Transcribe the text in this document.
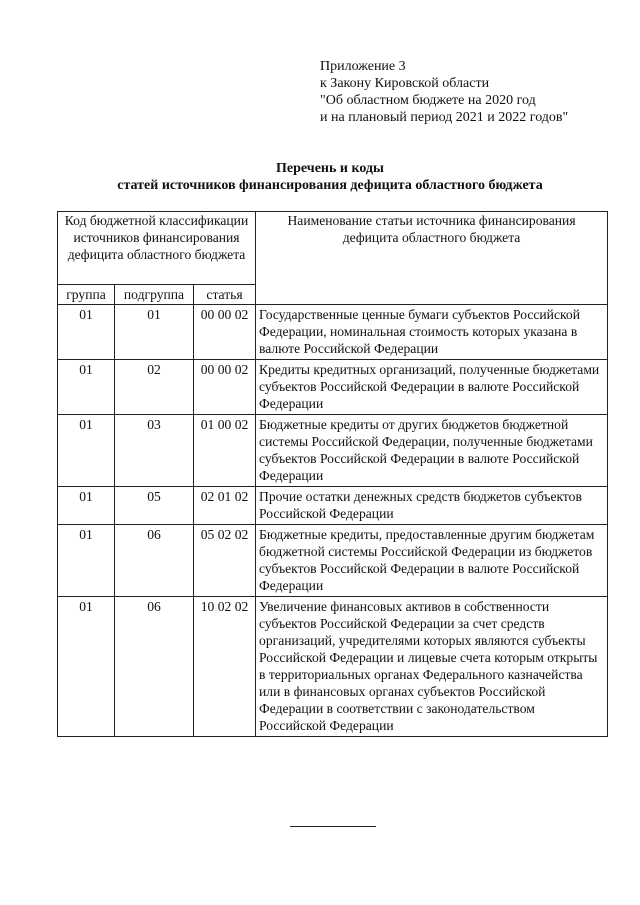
Приложение 3
к Закону Кировской области
"Об областном бюджете на 2020 год
и на плановый период 2021 и 2022 годов"
Перечень и коды
статей источников финансирования дефицита областного бюджета
Код бюджетной классификации источников финансирования дефицита областного бюджета			Наименование статьи источника финансирования дефицита областного бюджета
группа	подгруппа	статья	
01	01	00 00 02	Государственные ценные бумаги субъектов Российской Федерации, номинальная стоимость которых указана в валюте Российской Федерации
01	02	00 00 02	Кредиты кредитных организаций, полученные бюджетами субъектов Российской Федерации в валюте Российской Федерации
01	03	01 00 02	Бюджетные кредиты от других бюджетов бюджетной системы Российской Федерации, полученные бюджетами субъектов Российской Федерации в валюте Российской Федерации
01	05	02 01 02	Прочие остатки денежных средств бюджетов субъектов Российской Федерации
01	06	05 02 02	Бюджетные кредиты, предоставленные другим бюджетам бюджетной системы Российской Федерации из бюджетов субъектов Российской Федерации в валюте Российской Федерации
01	06	10 02 02	Увеличение финансовых активов в собственности субъектов Российской Федерации за счет средств организаций, учредителями которых являются субъекты Российской Федерации и лицевые счета которым открыты в территориальных органах Федерального казначейства или в финансовых органах субъектов Российской Федерации в соответствии с законодательством Российской Федерации
